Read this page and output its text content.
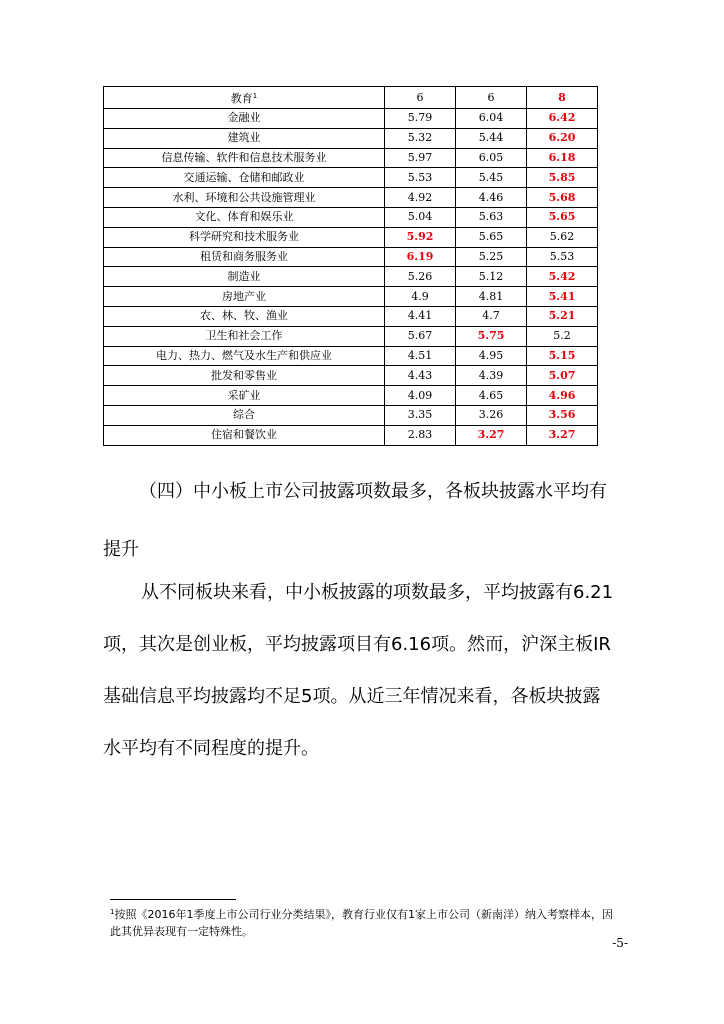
教育$^1$	6	6	8
金融业	5.79	6.04	6.42
建筑业	5.32	5.44	6.20
信息传输、软件和信息技术服务业	5.97	6.05	6.18
交通运输、仓储和邮政业	5.53	5.45	5.85
水利、环境和公共设施管理业	4.92	4.46	5.68
文化、体育和娱乐业	5.04	5.63	5.65
科学研究和技术服务业	5.92	5.65	5.62
租赁和商务服务业	6.19	5.25	5.53
制造业	5.26	5.12	5.42
房地产业	4.9	4.81	5.41
农、林、牧、渔业	4.41	4.7	5.21
卫生和社会工作	5.67	5.75	5.2
电力、热力、燃气及水生产和供应业	4.51	4.95	5.15
批发和零售业	4.43	4.39	5.07
采矿业	4.09	4.65	4.96
综合	3.35	3.26	3.56
住宿和餐饮业	2.83	3.27	3.27
（四）中小板上市公司披露项数最多，各板块披露水平均有提升
从不同板块来看，中小板披露的项数最多，平均披露有6.21项，其次是创业板，平均披露项目有6.16项。然而，沪深主板IR基础信息平均披露均不足5项。从近三年情况来看，各板块披露水平均有不同程度的提升。
$^1$按照《2016年1季度上市公司行业分类结果》，教育行业仅有1家上市公司（新南洋）纳入考察样本，因此其优异表现有一定特殊性。
-5-
